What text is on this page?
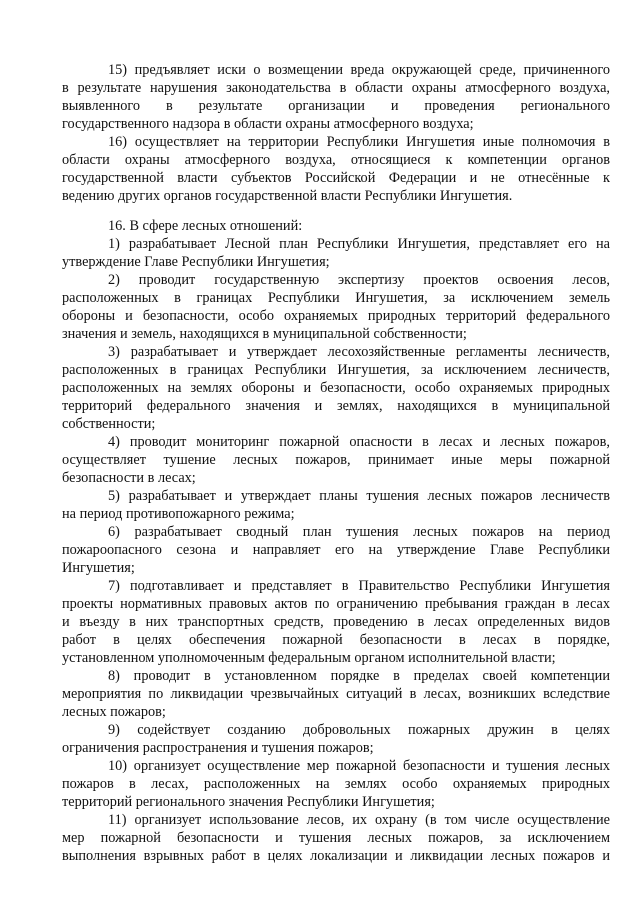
15) предъявляет иски о возмещении вреда окружающей среде, причиненного

в результате нарушения законодательства в области охраны атмосферного воздуха,

выявленного в результате организации и проведения регионального

государственного надзора в области охраны атмосферного воздуха;

16) осуществляет на территории Республики Ингушетия иные полномочия в

области охраны атмосферного воздуха, относящиеся к компетенции органов

государственной власти субъектов Российской Федерации и не отнесённые к

ведению других органов государственной власти Республики Ингушетия.

16. В сфере лесных отношений:

1) разрабатывает Лесной план Республики Ингушетия, представляет его на

утверждение Главе Республики Ингушетия;

2) проводит государственную экспертизу проектов освоения лесов,

расположенных в границах Республики Ингушетия, за исключением земель

обороны и безопасности, особо охраняемых природных территорий федерального

значения и земель, находящихся в муниципальной собственности;

3) разрабатывает и утверждает лесохозяйственные регламенты лесничеств,

расположенных в границах Республики Ингушетия, за исключением лесничеств,

расположенных на землях обороны и безопасности, особо охраняемых природных

территорий федерального значения и землях, находящихся в муниципальной

собственности;

4) проводит мониторинг пожарной опасности в лесах и лесных пожаров,

осуществляет тушение лесных пожаров, принимает иные меры пожарной

безопасности в лесах;

5) разрабатывает и утверждает планы тушения лесных пожаров лесничеств

на период противопожарного режима;

6) разрабатывает сводный план тушения лесных пожаров на период

пожароопасного сезона и направляет его на утверждение Главе Республики

Ингушетия;

7) подготавливает и представляет в Правительство Республики Ингушетия

проекты нормативных правовых актов по ограничению пребывания граждан в лесах

и въезду в них транспортных средств, проведению в лесах определенных видов

работ в целях обеспечения пожарной безопасности в лесах в порядке,

установленном уполномоченным федеральным органом исполнительной власти;

8) проводит в установленном порядке в пределах своей компетенции

мероприятия по ликвидации чрезвычайных ситуаций в лесах, возникших вследствие

лесных пожаров;

9) содействует созданию добровольных пожарных дружин в целях

ограничения распространения и тушения пожаров;

10) организует осуществление мер пожарной безопасности и тушения лесных

пожаров в лесах, расположенных на землях особо охраняемых природных

территорий регионального значения Республики Ингушетия;

11) организует использование лесов, их охрану (в том числе осуществление

мер пожарной безопасности и тушения лесных пожаров, за исключением

выполнения взрывных работ в целях локализации и ликвидации лесных пожаров и
